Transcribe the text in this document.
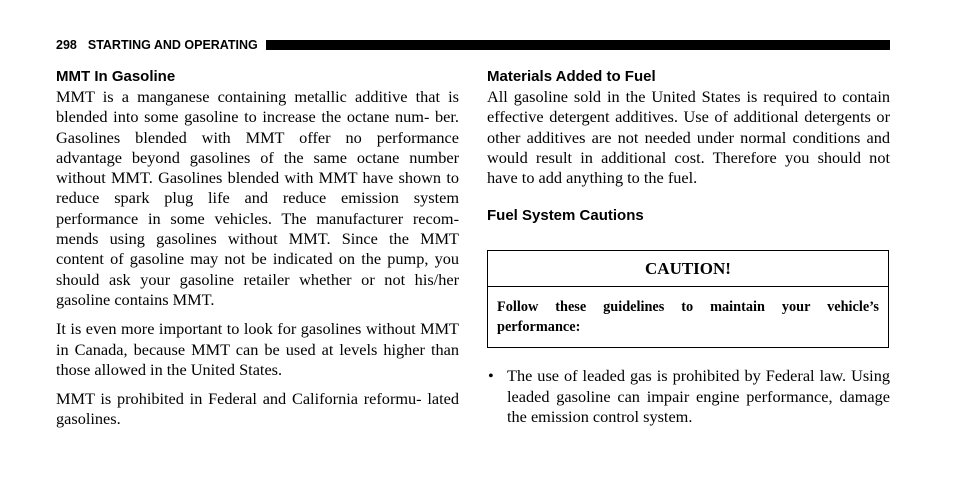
298 STARTING AND OPERATING
MMT In Gasoline

MMT is a manganese containing metallic additive that is blended into some gasoline to increase the octane num- ber. Gasolines blended with MMT offer no performance advantage beyond gasolines of the same octane number without MMT. Gasolines blended with MMT have shown to reduce spark plug life and reduce emission system performance in some vehicles. The manufacturer recom- mends using gasolines without MMT. Since the MMT content of gasoline may not be indicated on the pump, you should ask your gasoline retailer whether or not his/her gasoline contains MMT.

It is even more important to look for gasolines without MMT in Canada, because MMT can be used at levels higher than those allowed in the United States.

MMT is prohibited in Federal and California reformu- lated gasolines.

Materials Added to Fuel

All gasoline sold in the United States is required to contain effective detergent additives. Use of additional detergents or other additives are not needed under normal conditions and would result in additional cost. Therefore you should not have to add anything to the fuel.

Fuel System Cautions
CAUTION!
Follow these guidelines to maintain your vehicle’s performance:
• The use of leaded gas is prohibited by Federal law. Using leaded gasoline can impair engine performance, damage the emission control system.
